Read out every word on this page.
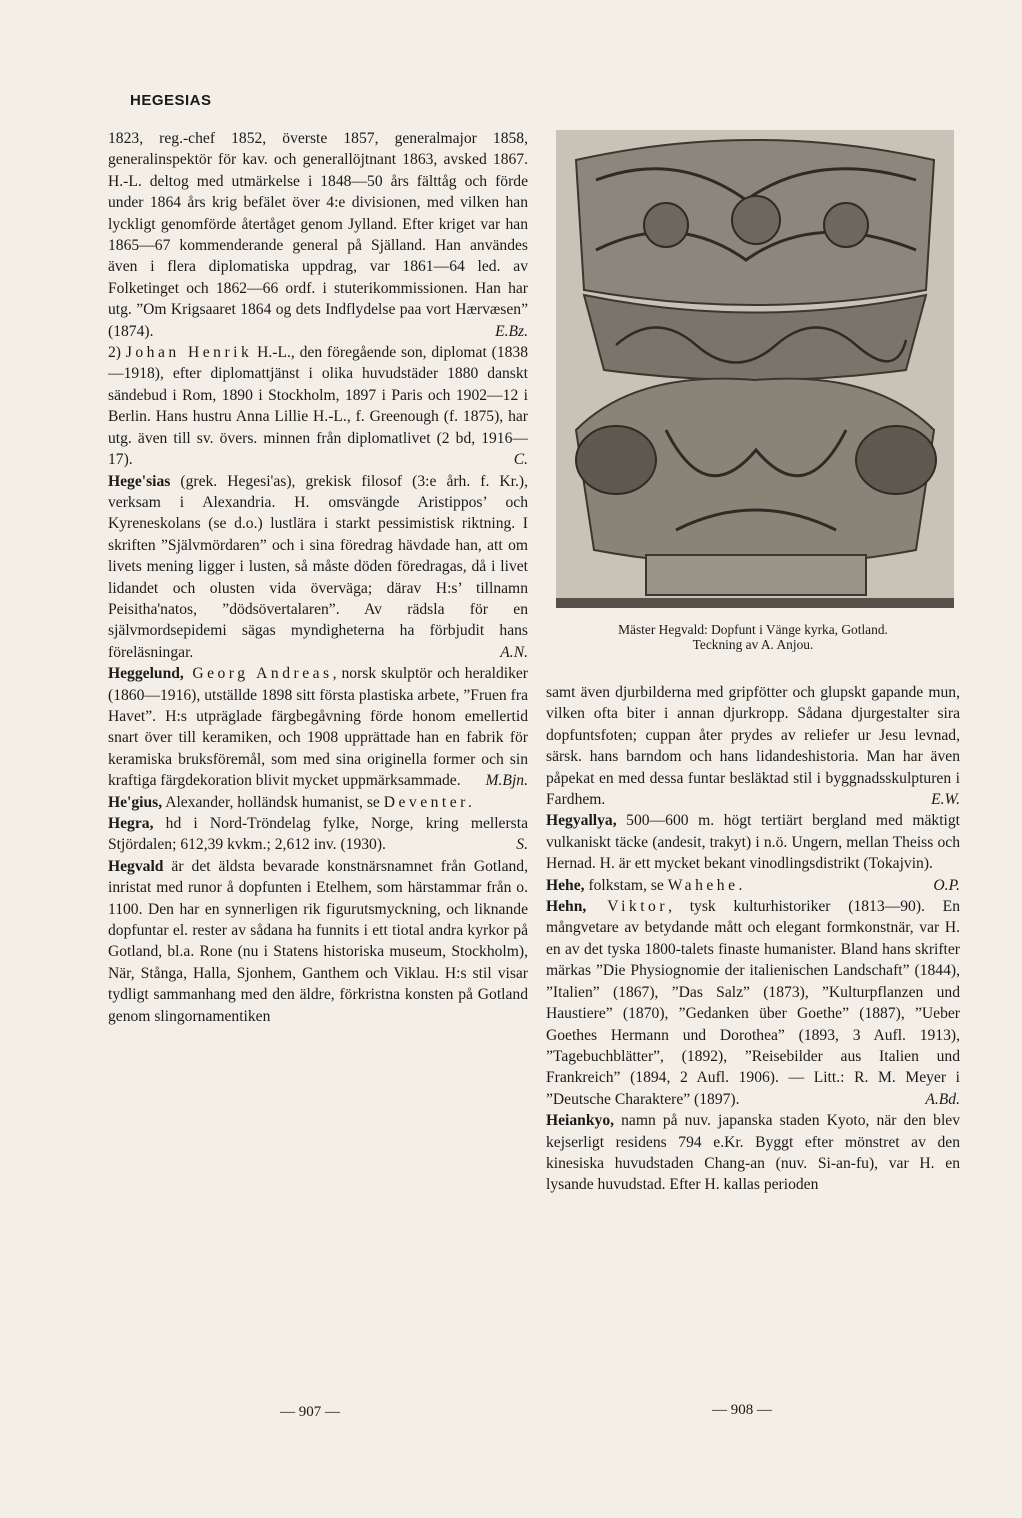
HEGESIAS

1823, reg.-chef 1852, överste 1857, generalmajor 1858, generalinspektör för kav. och generallöjtnant 1863, avsked 1867. H.-L. deltog med utmärkelse i 1848—50 års fälttåg och förde under 1864 års krig befälet över 4:e divisionen, med vilken han lyckligt genomförde återtåget genom Jylland. Efter kriget var han 1865—67 kommenderande general på Själland. Han användes även i flera diplomatiska uppdrag, var 1861—64 led. av Folketinget och 1862—66 ordf. i stuterikommissionen. Han har utg. ”Om Krigsaaret 1864 og dets Indflydelse paa vort Hærvæsen” (1874).	E.Bz.

2) Johan Henrik H.-L., den föregående son, diplomat (1838—1918), efter diplomattjänst i olika huvudstäder 1880 danskt sändebud i Rom, 1890 i Stockholm, 1897 i Paris och 1902—12 i Berlin. Hans hustru Anna Lillie H.-L., f. Greenough (f. 1875), har utg. även till sv. övers. minnen från diplomatlivet (2 bd, 1916—17).	C.

Hege'sias (grek. Hegesi'as), grekisk filosof (3:e årh. f. Kr.), verksam i Alexandria. H. omsvängde Aristippos’ och Kyreneskolans (se d.o.) lustlära i starkt pessimistisk riktning. I skriften ”Självmördaren” och i sina föredrag hävdade han, att om livets mening ligger i lusten, så måste döden föredragas, då i livet lidandet och olusten vida överväga; därav H:s’ tillnamn Peisitha'natos, ”dödsövertalaren”. Av rädsla för en självmordsepidemi sägas myndigheterna ha förbjudit hans föreläsningar.	A.N.

Heggelund, Georg Andreas, norsk skulptör och heraldiker (1860—1916), utställde 1898 sitt första plastiska arbete, ”Fruen fra Havet”. H:s utpräglade färgbegåvning förde honom emellertid snart över till keramiken, och 1908 upprättade han en fabrik för keramiska bruksföremål, som med sina originella former och sin kraftiga färgdekoration blivit mycket uppmärksammade.	M.Bjn.

He'gius, Alexander, holländsk humanist, se Deventer.

Hegra, hd i Nord-Tröndelag fylke, Norge, kring mellersta Stjördalen; 612,39 kvkm.; 2,612 inv. (1930).	S.

Hegvald är det äldsta bevarade konstnärsnamnet från Gotland, inristat med runor å dopfunten i Etelhem, som härstammar från o. 1100. Den har en synnerligen rik figurutsmyckning, och liknande dopfuntar el. rester av sådana ha funnits i ett tiotal andra kyrkor på Gotland, bl.a. Rone (nu i Statens historiska museum, Stockholm), När, Stånga, Halla, Sjonhem, Ganthem och Viklau. H:s stil visar tydligt sammanhang med den äldre, förkristna konsten på Gotland genom slingornamentiken

Mäster Hegvald: Dopfunt i Vänge kyrka, Gotland.
Teckning av A. Anjou.

samt även djurbilderna med gripfötter och glupskt gapande mun, vilken ofta biter i annan djurkropp. Sådana djurgestalter sira dopfuntsfoten; cuppan åter prydes av reliefer ur Jesu levnad, särsk. hans barndom och hans lidandeshistoria. Man har även påpekat en med dessa funtar besläktad stil i byggnadsskulpturen i Fardhem.	E.W.

Hegyallya, 500—600 m. högt tertiärt bergland med mäktigt vulkaniskt täcke (andesit, trakyt) i n.ö. Ungern, mellan Theiss och Hernad. H. är ett mycket bekant vinodlingsdistrikt (Tokajvin).
O.P.

Hehe, folkstam, se Wahehe.

Hehn, Viktor, tysk kulturhistoriker (1813—90). En mångvetare av betydande mått och elegant formkonstnär, var H. en av det tyska 1800-talets finaste humanister. Bland hans skrifter märkas ”Die Physiognomie der italienischen Landschaft” (1844), ”Italien” (1867), ”Das Salz” (1873), ”Kulturpflanzen und Haustiere” (1870), ”Gedanken über Goethe” (1887), ”Ueber Goethes Hermann und Dorothea” (1893, 3 Aufl. 1913), ”Tagebuchblätter”, (1892), ”Reisebilder aus Italien und Frankreich” (1894, 2 Aufl. 1906). — Litt.: R. M. Meyer i ”Deutsche Charaktere” (1897).	A.Bd.

Heiankyo, namn på nuv. japanska staden Kyoto, när den blev kejserligt residens 794 e.Kr. Byggt efter mönstret av den kinesiska huvudstaden Chang-an (nuv. Si-an-fu), var H. en lysande huvudstad. Efter H. kallas perioden

— 907 —	— 908 —
